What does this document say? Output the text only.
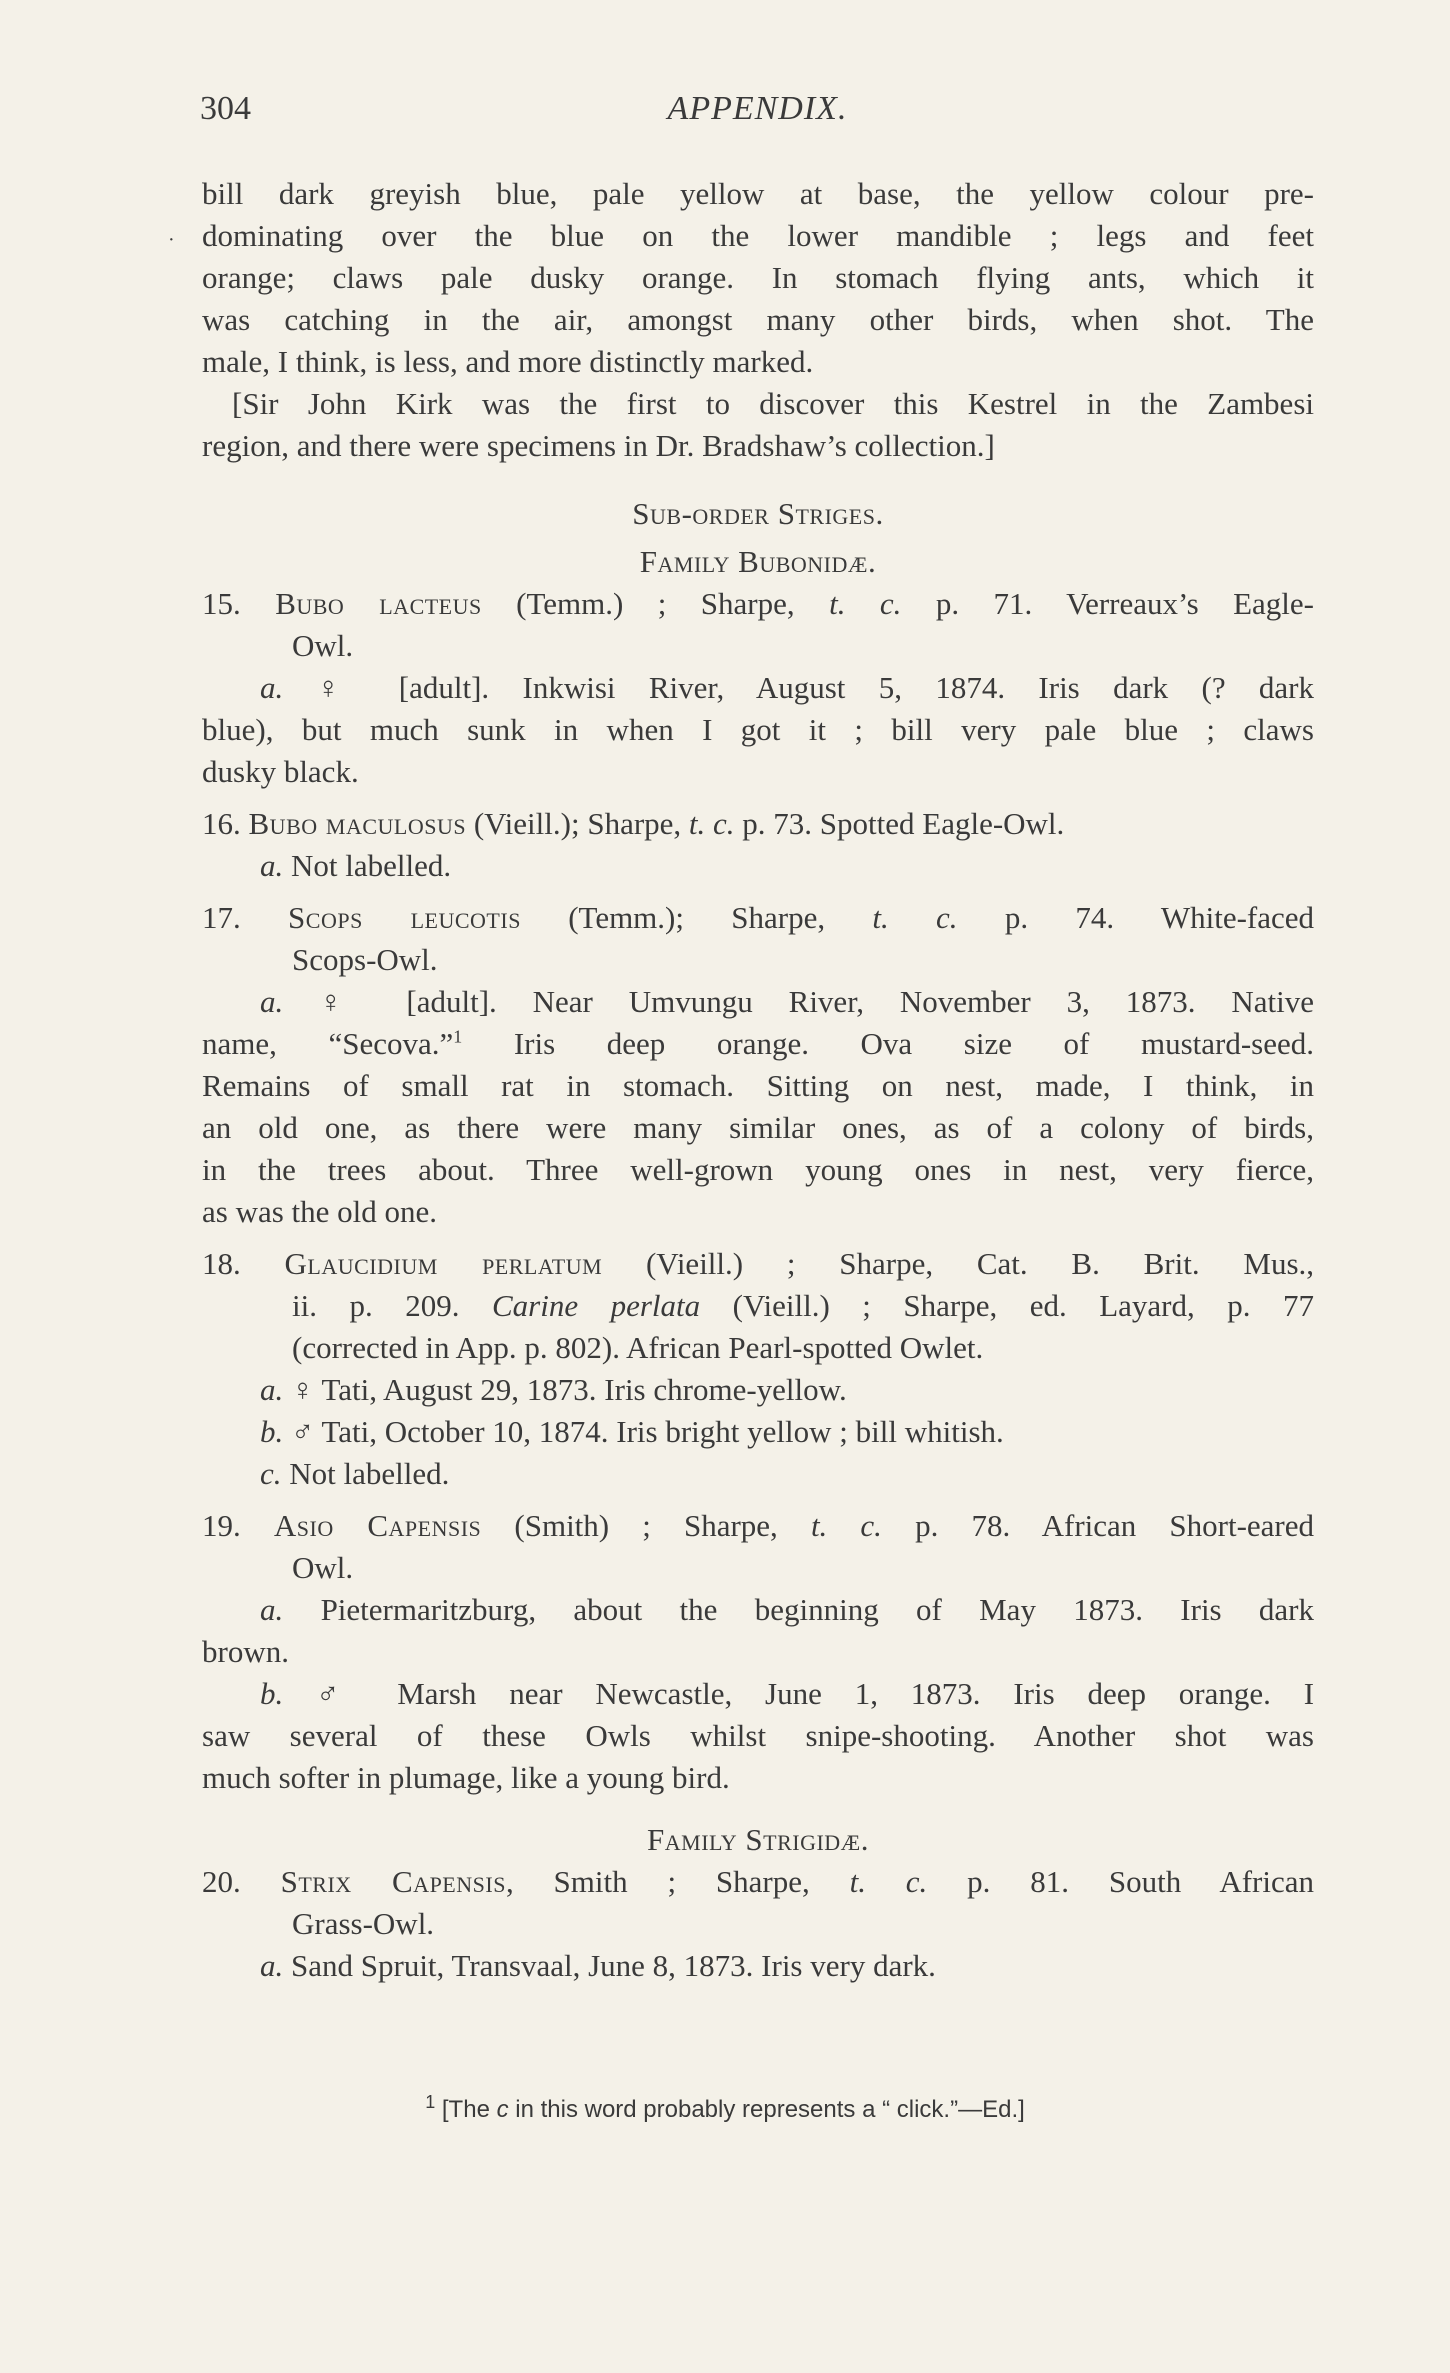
304	APPENDIX.
·
bill dark greyish blue, pale yellow at base, the yellow colour pre-
dominating over the blue on the lower mandible ; legs and feet
orange; claws pale dusky orange. In stomach flying ants, which it
was catching in the air, amongst many other birds, when shot. The
male, I think, is less, and more distinctly marked.
[Sir John Kirk was the first to discover this Kestrel in the Zambesi
region, and there were specimens in Dr. Bradshaw’s collection.]
Sub-order Striges.
Family Bubonidæ.
15. Bubo lacteus (Temm.) ; Sharpe, t. c. p. 71. Verreaux’s Eagle-
Owl.
a. ♀ [adult]. Inkwisi River, August 5, 1874. Iris dark (? dark
blue), but much sunk in when I got it ; bill very pale blue ; claws
dusky black.
16. Bubo maculosus (Vieill.); Sharpe, t. c. p. 73. Spotted Eagle-Owl.
a. Not labelled.
17. Scops leucotis (Temm.); Sharpe, t. c. p. 74. White-faced
Scops-Owl.
a. ♀ [adult]. Near Umvungu River, November 3, 1873. Native
name, “Secova.”$^1$ Iris deep orange. Ova size of mustard-seed.
Remains of small rat in stomach. Sitting on nest, made, I think, in
an old one, as there were many similar ones, as of a colony of birds,
in the trees about. Three well-grown young ones in nest, very fierce,
as was the old one.
18. Glaucidium perlatum (Vieill.) ; Sharpe, Cat. B. Brit. Mus.,
ii. p. 209. Carine perlata (Vieill.) ; Sharpe, ed. Layard, p. 77
(corrected in App. p. 802). African Pearl-spotted Owlet.
a. ♀ Tati, August 29, 1873. Iris chrome-yellow.
b. ♂ Tati, October 10, 1874. Iris bright yellow ; bill whitish.
c. Not labelled.
19. Asio Capensis (Smith) ; Sharpe, t. c. p. 78. African Short-eared
Owl.
a. Pietermaritzburg, about the beginning of May 1873. Iris dark
brown.
b. ♂ Marsh near Newcastle, June 1, 1873. Iris deep orange. I
saw several of these Owls whilst snipe-shooting. Another shot was
much softer in plumage, like a young bird.
Family Strigidæ.
20. Strix Capensis, Smith ; Sharpe, t. c. p. 81. South African
Grass-Owl.
a. Sand Spruit, Transvaal, June 8, 1873. Iris very dark.
$^1$ [The c in this word probably represents a “ click.”—Ed.]
